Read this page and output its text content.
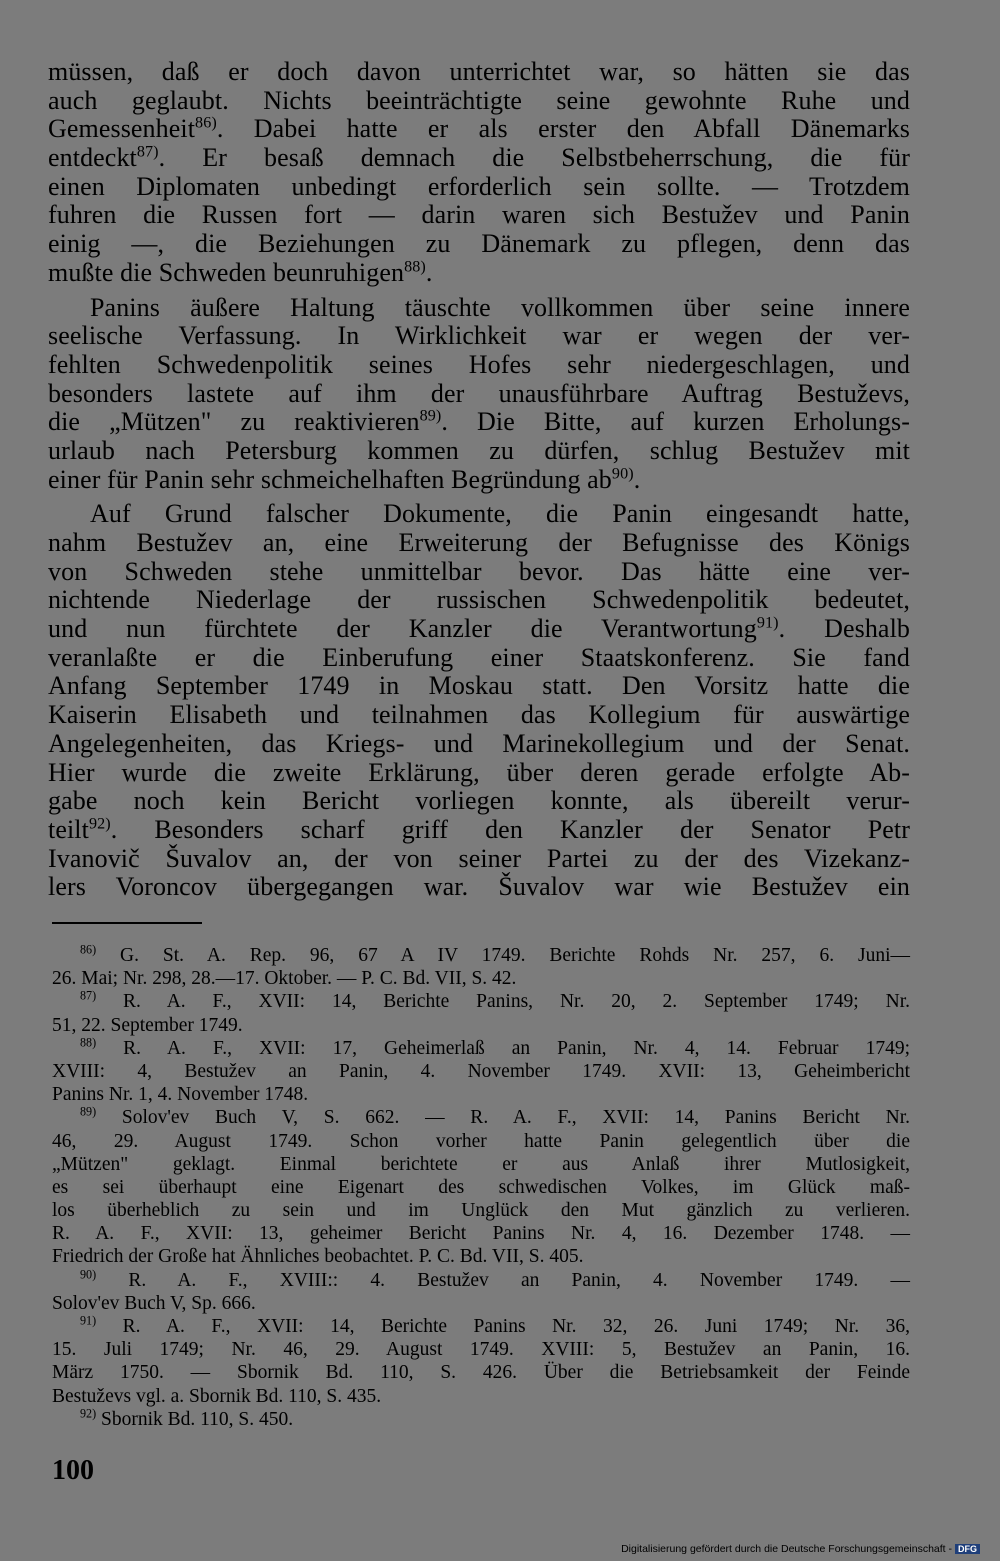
müssen, daß er doch davon unterrichtet war, so hätten sie das
auch geglaubt. Nichts beeinträchtigte seine gewohnte Ruhe und
Gemessenheit$^{86)}$. Dabei hatte er als erster den Abfall Dänemarks
entdeckt$^{87)}$. Er besaß demnach die Selbstbeherrschung, die für
einen Diplomaten unbedingt erforderlich sein sollte. — Trotzdem
fuhren die Russen fort — darin waren sich Bestužev und Panin
einig —, die Beziehungen zu Dänemark zu pflegen, denn das
mußte die Schweden beunruhigen$^{88)}$.
Panins äußere Haltung täuschte vollkommen über seine innere
seelische Verfassung. In Wirklichkeit war er wegen der ver-
fehlten Schwedenpolitik seines Hofes sehr niedergeschlagen, und
besonders lastete auf ihm der unausführbare Auftrag Bestuževs,
die „Mützen" zu reaktivieren$^{89)}$. Die Bitte, auf kurzen Erholungs-
urlaub nach Petersburg kommen zu dürfen, schlug Bestužev mit
einer für Panin sehr schmeichelhaften Begründung $ab^{90)}$.
Auf Grund falscher Dokumente, die Panin eingesandt hatte,
nahm Bestužev an, eine Erweiterung der Befugnisse des Königs
von Schweden stehe unmittelbar bevor. Das hätte eine ver-
nichtende Niederlage der russischen Schwedenpolitik bedeutet,
und nun fürchtete der Kanzler die Verantwortung$^{91)}$. Deshalb
veranlaßte er die Einberufung einer Staatskonferenz. Sie fand
Anfang September 1749 in Moskau statt. Den Vorsitz hatte die
Kaiserin Elisabeth und teilnahmen das Kollegium für auswärtige
Angelegenheiten, das Kriegs- und Marinekollegium und der Senat.
Hier wurde die zweite Erklärung, über deren gerade erfolgte Ab-
gabe noch kein Bericht vorliegen konnte, als übereilt verur-
teilt$^{92)}$. Besonders scharf griff den Kanzler der Senator Petr
Ivanovič Šuvalov an, der von seiner Partei zu der des Vizekanz-
lers Voroncov übergegangen war. Šuvalov war wie Bestužev ein
$^{86)}$ G. St. A. Rep. 96, 67 A IV 1749. Berichte Rohds Nr. 257, 6. Juni—
26. Mai; Nr. 298, 28.—17. Oktober. — P. C. Bd. VII, S. 42.
$^{87)}$ R. A. F., XVII: 14, Berichte Panins, Nr. 20, 2. September 1749; Nr.
51, 22. September 1749.
$^{88)}$ R. A. F., XVII: 17, Geheimerlaß an Panin, Nr. 4, 14. Februar 1749;
XVIII: 4, Bestužev an Panin, 4. November 1749. XVII: 13, Geheimbericht
Panins Nr. 1, 4. November 1748.
$^{89)}$ Solov'ev Buch V, S. 662. — R. A. F., XVII: 14, Panins Bericht Nr.
46, 29. August 1749. Schon vorher hatte Panin gelegentlich über die
„Mützen" geklagt. Einmal berichtete er aus Anlaß ihrer Mutlosigkeit,
es sei überhaupt eine Eigenart des schwedischen Volkes, im Glück maß-
los überheblich zu sein und im Unglück den Mut gänzlich zu verlieren.
R. A. F., XVII: 13, geheimer Bericht Panins Nr. 4, 16. Dezember 1748. —
Friedrich der Große hat Ähnliches beobachtet. P. C. Bd. VII, S. 405.
$^{90)}$ R. A. F., XVIII:: 4. Bestužev an Panin, 4. November 1749. —
Solov'ev Buch V, Sp. 666.
$^{91)}$ R. A. F., XVII: 14, Berichte Panins Nr. 32, 26. Juni 1749; Nr. 36,
15. Juli 1749; Nr. 46, 29. August 1749. XVIII: 5, Bestužev an Panin, 16.
März 1750. — Sbornik Bd. 110, S. 426. Über die Betriebsamkeit der Feinde
Bestuževs vgl. a. Sbornik Bd. 110, S. 435.
$^{92)}$ Sbornik Bd. 110, S. 450.
100
Digitalisierung gefördert durch die Deutsche Forschungsgemeinschaft - DFG
